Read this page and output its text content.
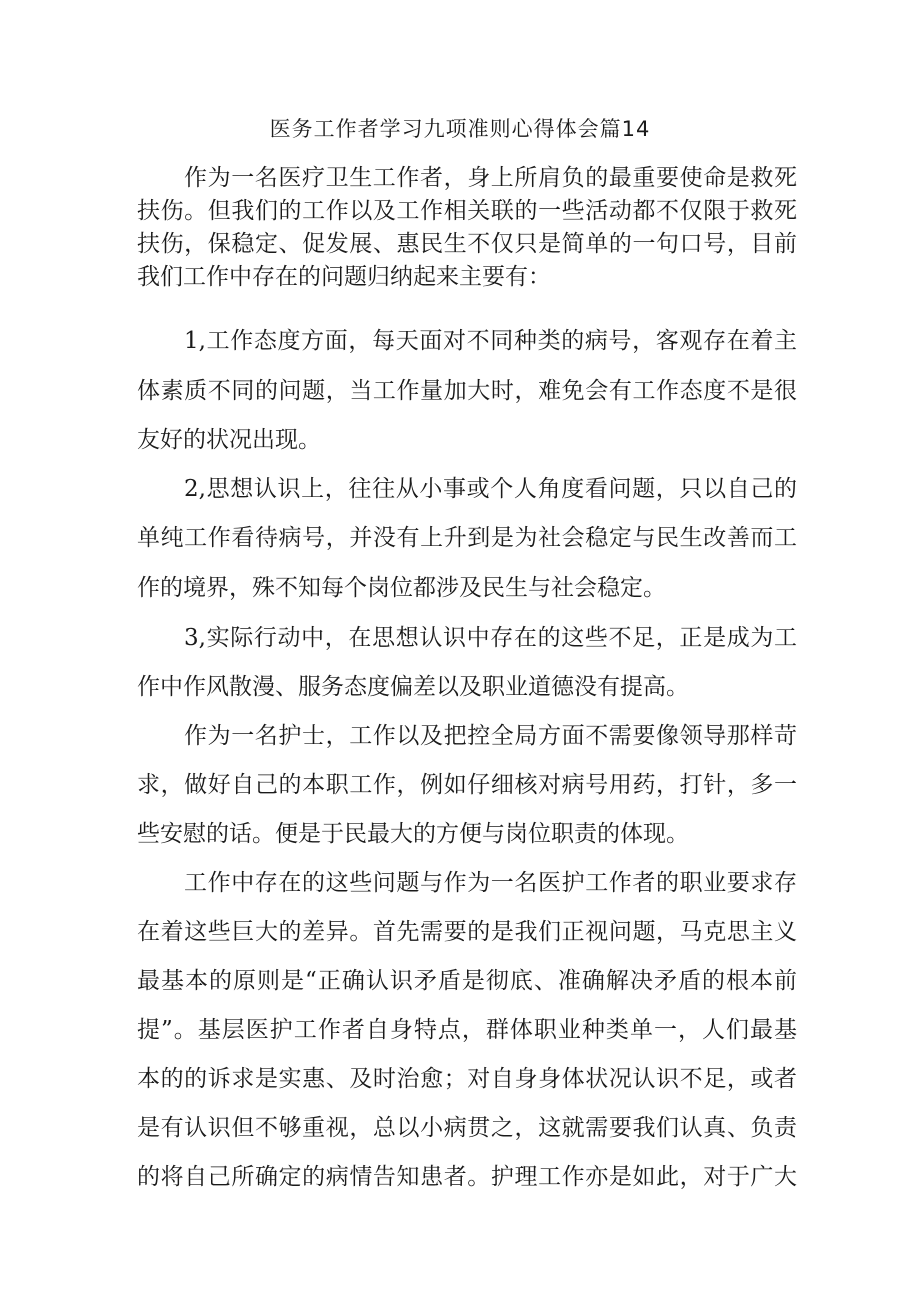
医务工作者学习九项准则心得体会篇14
作为一名医疗卫生工作者，身上所肩负的最重要使命是救死
扶伤。但我们的工作以及工作相关联的一些活动都不仅限于救死
扶伤，保稳定、促发展、惠民生不仅只是简单的一句口号，目前
我们工作中存在的问题归纳起来主要有：
1,工作态度方面，每天面对不同种类的病号，客观存在着主
体素质不同的问题，当工作量加大时，难免会有工作态度不是很
友好的状况出现。
2,思想认识上，往往从小事或个人角度看问题，只以自己的
单纯工作看待病号，并没有上升到是为社会稳定与民生改善而工
作的境界，殊不知每个岗位都涉及民生与社会稳定。
3,实际行动中，在思想认识中存在的这些不足，正是成为工
作中作风散漫、服务态度偏差以及职业道德没有提高。
作为一名护士，工作以及把控全局方面不需要像领导那样苛
求，做好自己的本职工作，例如仔细核对病号用药，打针，多一
些安慰的话。便是于民最大的方便与岗位职责的体现。
工作中存在的这些问题与作为一名医护工作者的职业要求存
在着这些巨大的差异。首先需要的是我们正视问题，马克思主义
最基本的原则是“正确认识矛盾是彻底、准确解决矛盾的根本前
提”。基层医护工作者自身特点，群体职业种类单一，人们最基
本的的诉求是实惠、及时治愈；对自身身体状况认识不足，或者
是有认识但不够重视，总以小病贯之，这就需要我们认真、负责
的将自己所确定的病情告知患者。护理工作亦是如此，对于广大
